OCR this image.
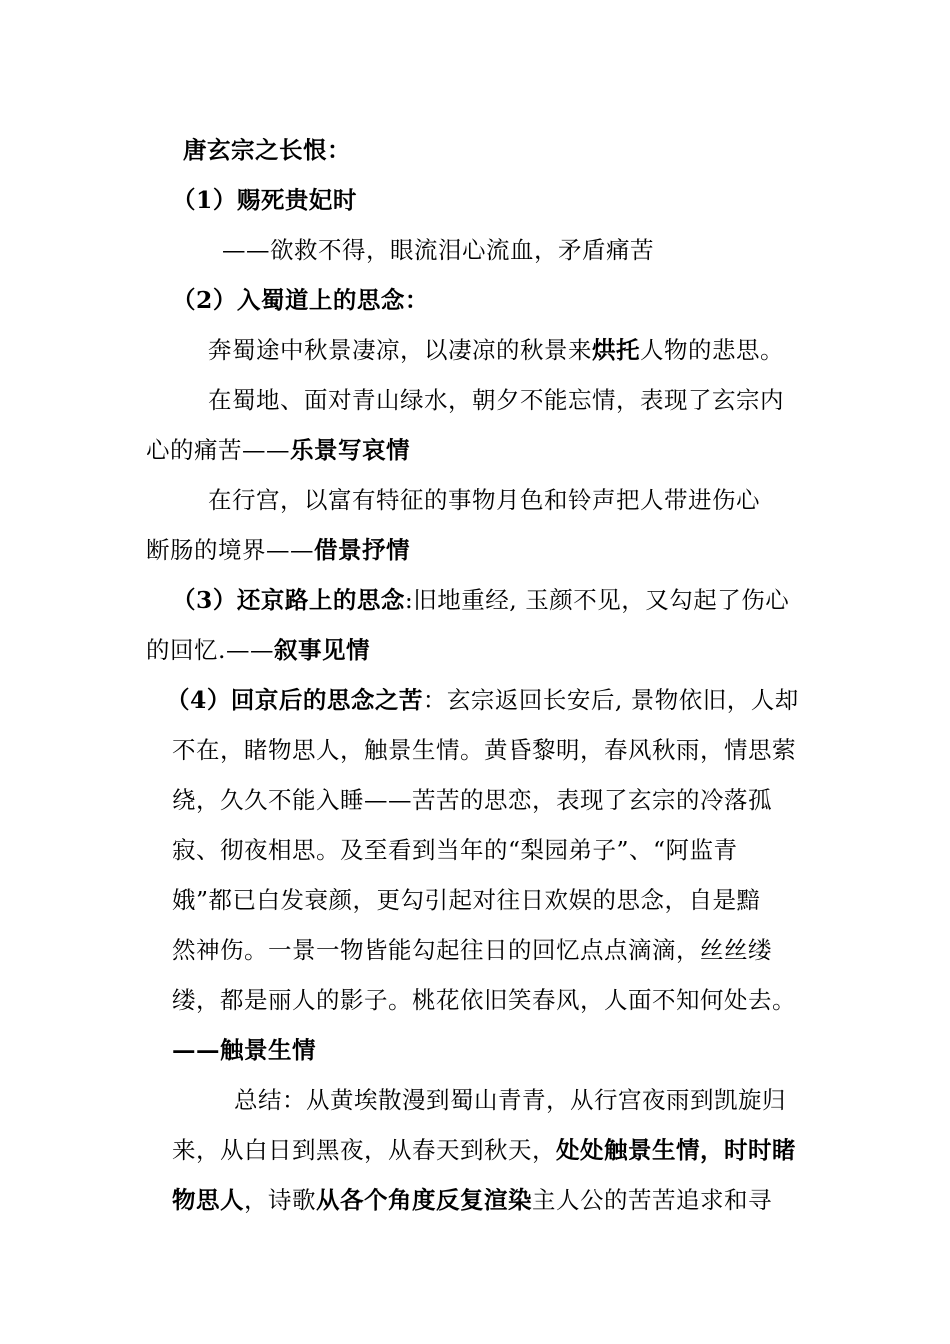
唐玄宗之长恨：
（1）赐死贵妃时
——欲救不得，眼流泪心流血，矛盾痛苦
（2）入蜀道上的思念：
奔蜀途中秋景凄凉，以凄凉的秋景来烘托人物的悲思。
在蜀地、面对青山绿水，朝夕不能忘情，表现了玄宗内
心的痛苦——乐景写哀情
在行宫，以富有特征的事物月色和铃声把人带进伤心
断肠的境界——借景抒情
（3）还京路上的思念:旧地重经, 玉颜不见，又勾起了伤心
的回忆.——叙事见情
（4）回京后的思念之苦：玄宗返回长安后, 景物依旧，人却
不在，睹物思人，触景生情。黄昏黎明，春风秋雨，情思萦
绕，久久不能入睡——苦苦的思恋，表现了玄宗的冷落孤
寂、彻夜相思。及至看到当年的“梨园弟子”、“阿监青
娥”都已白发衰颜，更勾引起对往日欢娱的思念，自是黯
然神伤。一景一物皆能勾起往日的回忆点点滴滴，丝丝缕
缕，都是丽人的影子。桃花依旧笑春风，人面不知何处去。
——触景生情
总结：从黄埃散漫到蜀山青青，从行宫夜雨到凯旋归
来，从白日到黑夜，从春天到秋天，处处触景生情，时时睹
物思人，诗歌从各个角度反复渲染主人公的苦苦追求和寻
